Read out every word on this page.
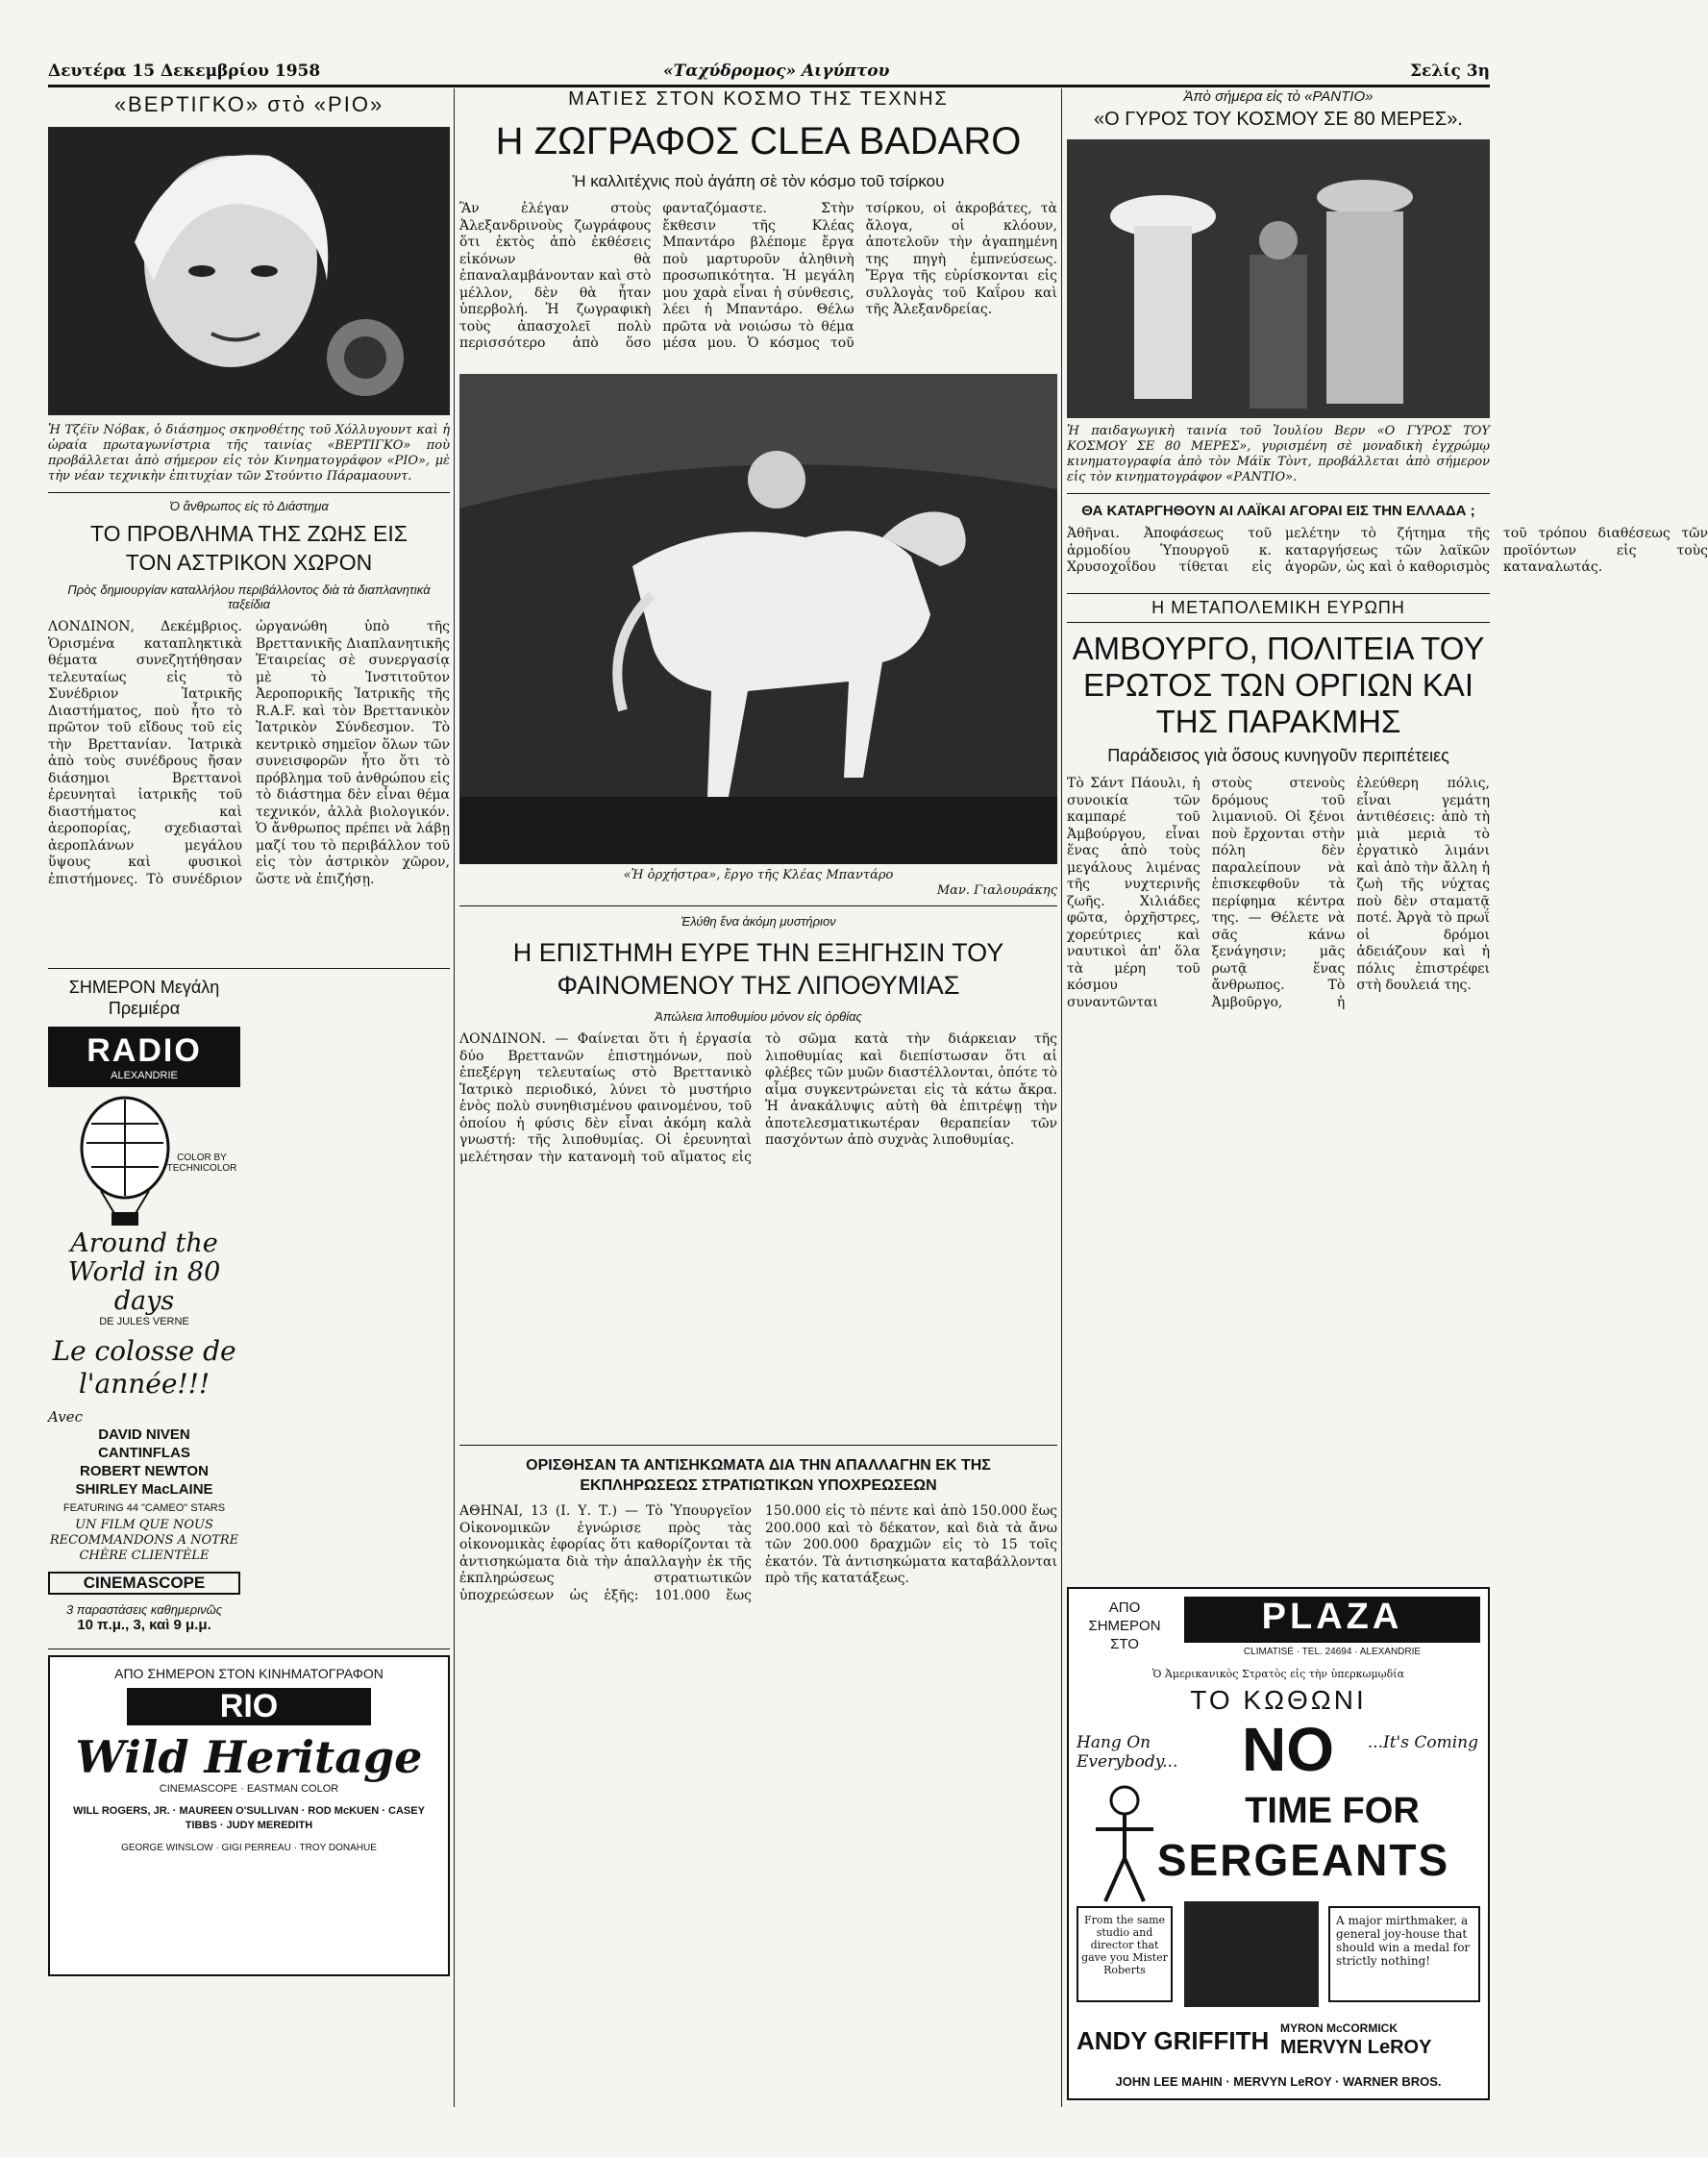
Δευτέρα 15 Δεκεμβρίου 1958	«Ταχύδρομος» Αιγύπτου	Σελίς 3η
«ΒΕΡΤΙΓΚΟ» στὸ «ΡΙΟ»
Ἡ Τζέϊν Νόβακ, ὁ διάσημος σκηνοθέτης τοῦ Χόλλυγουντ καὶ ἡ ὡραία πρωταγωνίστρια τῆς ταινίας «ΒΕΡΤΙΓΚΟ» ποὺ προβάλλεται ἀπὸ σήμερον εἰς τὸν Κινηματογράφον «ΡΙΟ», μὲ τὴν νέαν τεχνικὴν ἐπιτυχίαν τῶν Στούντιο Πάραμαουντ.
Ὁ ἄνθρωπος εἰς τὸ Διάστημα
ΤΟ ΠΡΟΒΛΗΜΑ ΤΗΣ ΖΩΗΣ ΕΙΣ ΤΟΝ ΑΣΤΡΙΚΟΝ ΧΩΡΟΝ
Πρὸς δημιουργίαν καταλλήλου περιβάλλοντος διὰ τὰ διαπλανητικὰ ταξείδια
ΛΟΝΔΙΝΟΝ, Δεκέμβριος. Ὁρισμένα καταπληκτικὰ θέματα συνεζητήθησαν τελευταίως εἰς τὸ Συνέδριον Ἰατρικῆς Διαστήματος, ποὺ ἦτο τὸ πρῶτον τοῦ εἴδους τοῦ εἰς τὴν Βρεττανίαν. Ἰατρικὰ ἀπὸ τοὺς συνέδρους ἤσαν διάσημοι Βρεττανοὶ ἐρευνηταὶ ἰατρικῆς τοῦ διαστήματος καὶ ἀεροπορίας, σχεδιασταὶ ἀεροπλάνων μεγάλου ὕψους καὶ φυσικοὶ ἐπιστήμονες. Τὸ συνέδριον ὠργανώθη ὑπὸ τῆς Βρεττανικῆς Διαπλανητικῆς Ἑταιρείας σὲ συνεργασίᾳ μὲ τὸ Ἰνστιτοῦτον Ἀεροπορικῆς Ἰατρικῆς τῆς R.A.F. καὶ τὸν Βρεττανικὸν Ἰατρικὸν Σύνδεσμον. Τὸ κεντρικὸ σημεῖον ὅλων τῶν συνεισφορῶν ἦτο ὅτι τὸ πρόβλημα τοῦ ἀνθρώπου εἰς τὸ διάστημα δὲν εἶναι θέμα τεχνικόν, ἀλλὰ βιολογικόν. Ὁ ἄνθρωπος πρέπει νὰ λάβῃ μαζί του τὸ περιβάλλον τοῦ εἰς τὸν ἀστρικὸν χῶρον, ὥστε νὰ ἐπιζήσῃ.
ΣΗΜΕΡΟΝ Μεγάλη Πρεμιέρα
RADIO
ALEXANDRIE
COLOR BY TECHNICOLOR
Around the World in 80 days
DE JULES VERNE
Le colosse de l'année!!!
Avec
DAVID NIVEN
CANTINFLAS
ROBERT NEWTON
SHIRLEY MacLAINE
FEATURING 44 "CAMEO" STARS
UN FILM QUE NOUS RECOMMANDONS A NOTRE CHÈRE CLIENTÈLE
CINEMASCOPE
3 παραστάσεις καθημερινῶς
10 π.μ., 3, καὶ 9 μ.μ.
ΑΠΟ ΣΗΜΕΡΟΝ ΣΤΟΝ ΚΙΝΗΜΑΤΟΓΡΑΦΟΝ
RIO
Wild Heritage
CINEMASCOPE · EASTMAN COLOR
WILL ROGERS, JR. · MAUREEN O'SULLIVAN · ROD McKUEN · CASEY TIBBS · JUDY MEREDITH
GEORGE WINSLOW · GIGI PERREAU · TROY DONAHUE
ΜΑΤΙΕΣ ΣΤΟΝ ΚΟΣΜΟ ΤΗΣ ΤΕΧΝΗΣ
Η ΖΩΓΡΑΦΟΣ CLEA BADARO
Ἡ καλλιτέχνις ποὺ ἀγάπη σὲ τὸν κόσμο τοῦ τσίρκου
Ἂν ἐλέγαν στοὺς Ἀλεξανδρινοὺς ζωγράφους ὅτι ἐκτὸς ἀπὸ ἐκθέσεις εἰκόνων θὰ ἐπαναλαμβάνονταν καὶ στὸ μέλλον, δὲν θὰ ἦταν ὑπερβολή. Ἡ ζωγραφικὴ τοὺς ἀπασχολεῖ πολὺ περισσότερο ἀπὸ ὅσο φανταζόμαστε. Στὴν ἔκθεσιν τῆς Κλέας Μπαντάρο βλέπομε ἔργα ποὺ μαρτυροῦν ἀληθινὴ προσωπικότητα. Ἡ μεγάλη μου χαρὰ εἶναι ἡ σύνθεσις, λέει ἡ Μπαντάρο. Θέλω πρῶτα νὰ νοιώσω τὸ θέμα μέσα μου. Ὁ κόσμος τοῦ τσίρκου, οἱ ἀκροβάτες, τὰ ἄλογα, οἱ κλόουν, ἀποτελοῦν τὴν ἀγαπημένη της πηγὴ ἐμπνεύσεως. Ἔργα τῆς εὑρίσκονται εἰς συλλογὰς τοῦ Καΐρου καὶ τῆς Ἀλεξανδρείας.
«Ἡ ὀρχήστρα», ἔργο τῆς Κλέας Μπαντάρο
Μαν. Γιαλουράκης
Ἐλύθη ἕνα ἀκόμη μυστήριον
Η ΕΠΙΣΤΗΜΗ ΕΥΡΕ ΤΗΝ ΕΞΗΓΗΣΙΝ ΤΟΥ ΦΑΙΝΟΜΕΝΟΥ ΤΗΣ ΛΙΠΟΘΥΜΙΑΣ
Ἀπώλεια λιποθυμίου μόνον εἰς ὀρθίας
ΛΟΝΔΙΝΟΝ. — Φαίνεται ὅτι ἡ ἐργασία δύο Βρεττανῶν ἐπιστημόνων, ποὺ ἐπεξέργη τελευταίως στὸ Βρεττανικὸ Ἰατρικὸ περιοδικό, λύνει τὸ μυστήριο ἑνὸς πολὺ συνηθισμένου φαινομένου, τοῦ ὁποίου ἡ φύσις δὲν εἶναι ἀκόμη καλὰ γνωστή: τῆς λιποθυμίας. Οἱ ἐρευνηταὶ μελέτησαν τὴν κατανομὴ τοῦ αἵματος εἰς τὸ σῶμα κατὰ τὴν διάρκειαν τῆς λιποθυμίας καὶ διεπίστωσαν ὅτι αἱ φλέβες τῶν μυῶν διαστέλλονται, ὁπότε τὸ αἷμα συγκεντρώνεται εἰς τὰ κάτω ἄκρα. Ἡ ἀνακάλυψις αὐτὴ θὰ ἐπιτρέψῃ τὴν ἀποτελεσματικωτέραν θεραπείαν τῶν πασχόντων ἀπὸ συχνὰς λιποθυμίας.
ΟΡΙΣΘΗΣΑΝ ΤΑ ΑΝΤΙΣΗΚΩΜΑΤΑ ΔΙΑ ΤΗΝ ΑΠΑΛΛΑΓΗΝ ΕΚ ΤΗΣ ΕΚΠΛΗΡΩΣΕΩΣ ΣΤΡΑΤΙΩΤΙΚΩΝ ΥΠΟΧΡΕΩΣΕΩΝ
ΑΘΗΝΑΙ, 13 (Ι. Υ. Τ.) — Τὸ Ὑπουργεῖον Οἰκονομικῶν ἐγνώρισε πρὸς τὰς οἰκονομικὰς ἐφορίας ὅτι καθορίζονται τὰ ἀντισηκώματα διὰ τὴν ἀπαλλαγὴν ἐκ τῆς ἐκπληρώσεως στρατιωτικῶν ὑποχρεώσεων ὡς ἑξῆς: 101.000 ἕως 150.000 εἰς τὸ πέντε καὶ ἀπὸ 150.000 ἕως 200.000 καὶ τὸ δέκατον, καὶ διὰ τὰ ἄνω τῶν 200.000 δραχμῶν εἰς τὸ 15 τοῖς ἑκατόν. Τὰ ἀντισηκώματα καταβάλλονται πρὸ τῆς κατατάξεως.
Ἀπὸ σήμερα εἰς τὸ «ΡΑΝΤΙΟ»
«Ο ΓΥΡΟΣ ΤΟΥ ΚΟΣΜΟΥ ΣΕ 80 ΜΕΡΕΣ».
Ἡ παιδαγωγικὴ ταινία τοῦ Ἰουλίου Βερν «Ο ΓΥΡΟΣ ΤΟΥ ΚΟΣΜΟΥ ΣΕ 80 ΜΕΡΕΣ», γυρισμένη σὲ μοναδικὴ ἐγχρώμῳ κινηματογραφία ἀπὸ τὸν Μάϊκ Τὸντ, προβάλλεται ἀπὸ σήμερον εἰς τὸν κινηματογράφον «ΡΑΝΤΙΟ».
ΘΑ ΚΑΤΑΡΓΗΘΟΥΝ ΑΙ ΛΑΪΚΑΙ ΑΓΟΡΑΙ ΕΙΣ ΤΗΝ ΕΛΛΑΔΑ ;
Ἀθῆναι. Ἀποφάσεως τοῦ ἁρμοδίου Ὑπουργοῦ κ. Χρυσοχοΐδου τίθεται εἰς μελέτην τὸ ζήτημα τῆς καταργήσεως τῶν λαϊκῶν ἀγορῶν, ὡς καὶ ὁ καθορισμὸς τοῦ τρόπου διαθέσεως τῶν προϊόντων εἰς τοὺς καταναλωτάς.
Η ΜΕΤΑΠΟΛΕΜΙΚΗ ΕΥΡΩΠΗ
ΑΜΒΟΥΡΓΟ, ΠΟΛΙΤΕΙΑ ΤΟΥ ΕΡΩΤΟΣ ΤΩΝ ΟΡΓΙΩΝ ΚΑΙ ΤΗΣ ΠΑΡΑΚΜΗΣ
Παράδεισος γιὰ ὅσους κυνηγοῦν περιπέτειες
Τὸ Σάντ Πάουλι, ἡ συνοικία τῶν καμπαρέ τοῦ Ἀμβούργου, εἶναι ἕνας ἀπὸ τοὺς μεγάλους λιμένας τῆς νυχτερινῆς ζωῆς. Χιλιάδες φῶτα, ὀρχῆστρες, χορεύτριες καὶ ναυτικοὶ ἀπ' ὅλα τὰ μέρη τοῦ κόσμου συναντῶνται στοὺς στενοὺς δρόμους τοῦ λιμανιοῦ. Οἱ ξένοι ποὺ ἔρχονται στὴν πόλη δὲν παραλείπουν νὰ ἐπισκεφθοῦν τὰ περίφημα κέντρα της. — Θέλετε νὰ σᾶς κάνω ξενάγησιν; μᾶς ρωτᾷ ἕνας ἄνθρωπος. Τὸ Ἀμβοῦργο, ἡ ἐλεύθερη πόλις, εἶναι γεμάτη ἀντιθέσεις: ἀπὸ τὴ μιὰ μεριὰ τὸ ἐργατικὸ λιμάνι καὶ ἀπὸ τὴν ἄλλη ἡ ζωὴ τῆς νύχτας ποὺ δὲν σταματᾷ ποτέ. Ἀργὰ τὸ πρωΐ οἱ δρόμοι ἀδειάζουν καὶ ἡ πόλις ἐπιστρέφει στὴ δουλειά της.
ΑΠΟ ΣΗΜΕΡΟΝ ΣΤΟ
PLAZA
CLIMATISÉ · TEL. 24694 · ALEXANDRIE
Ὁ Ἀμερικανικὸς Στρατὸς εἰς τὴν ὑπερκωμῳδία
ΤΟ ΚΩΘΩΝΙ
Hang On Everybody...	NO ...It's Coming
TIME FOR
SERGEANTS
From the same studio and director that gave you Mister Roberts
A major mirthmaker, a general joy-house that should win a medal for strictly nothing!
ANDY GRIFFITH MYRON McCORMICK
MERVYN LeROY
JOHN LEE MAHIN · MERVYN LeROY · WARNER BROS.
